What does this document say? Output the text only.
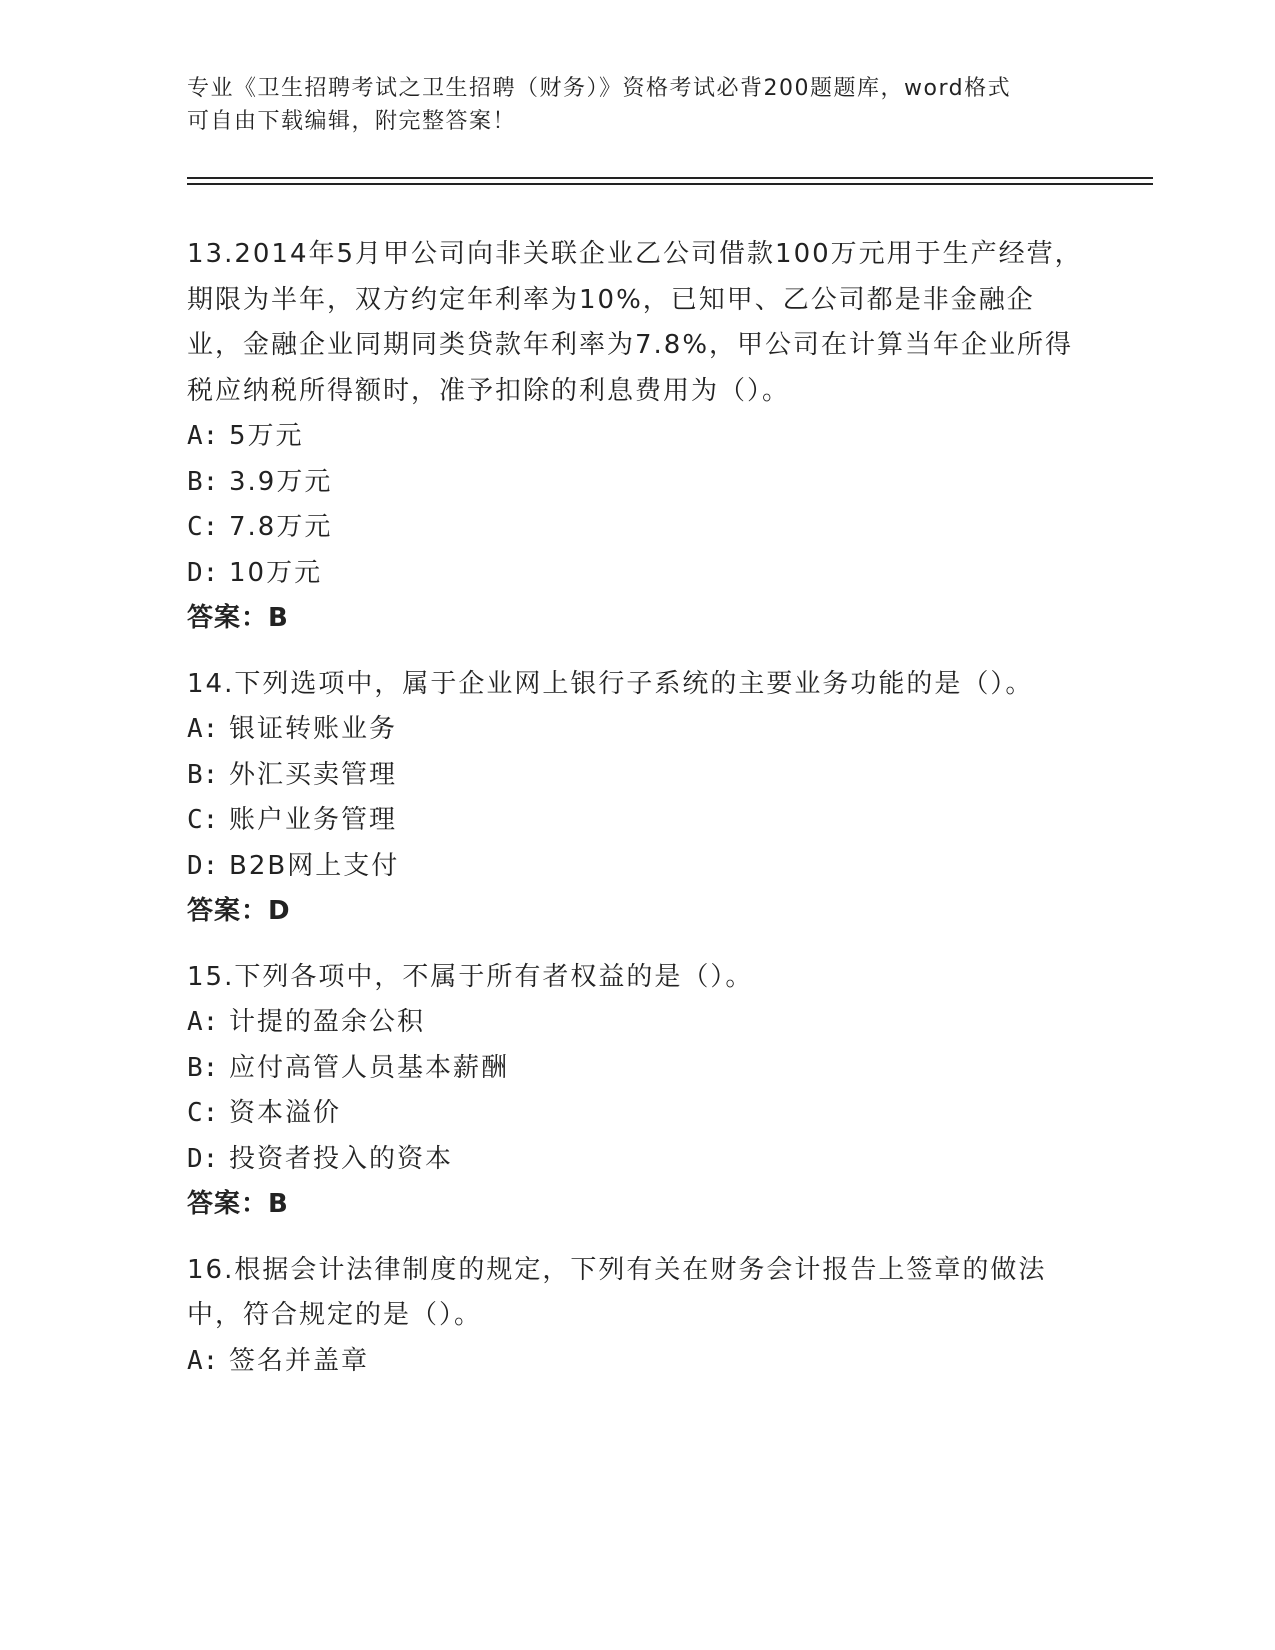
专业《卫生招聘考试之卫生招聘（财务）》资格考试必背200题题库，word格式
可自由下载编辑，附完整答案！

13.2014年5月甲公司向非关联企业乙公司借款100万元用于生产经营，期限为半年，双方约定年利率为10%，已知甲、乙公司都是非金融企业，金融企业同期同类贷款年利率为7.8%，甲公司在计算当年企业所得税应纳税所得额时，准予扣除的利息费用为（）。

A: 5万元

B: 3.9万元

C: 7.8万元

D: 10万元

答案：B

14.下列选项中，属于企业网上银行子系统的主要业务功能的是（）。

A: 银证转账业务

B: 外汇买卖管理

C: 账户业务管理

D: B2B网上支付

答案：D

15.下列各项中，不属于所有者权益的是（）。

A: 计提的盈余公积

B: 应付高管人员基本薪酬

C: 资本溢价

D: 投资者投入的资本

答案：B

16.根据会计法律制度的规定，下列有关在财务会计报告上签章的做法中，符合规定的是（）。

A: 签名并盖章
